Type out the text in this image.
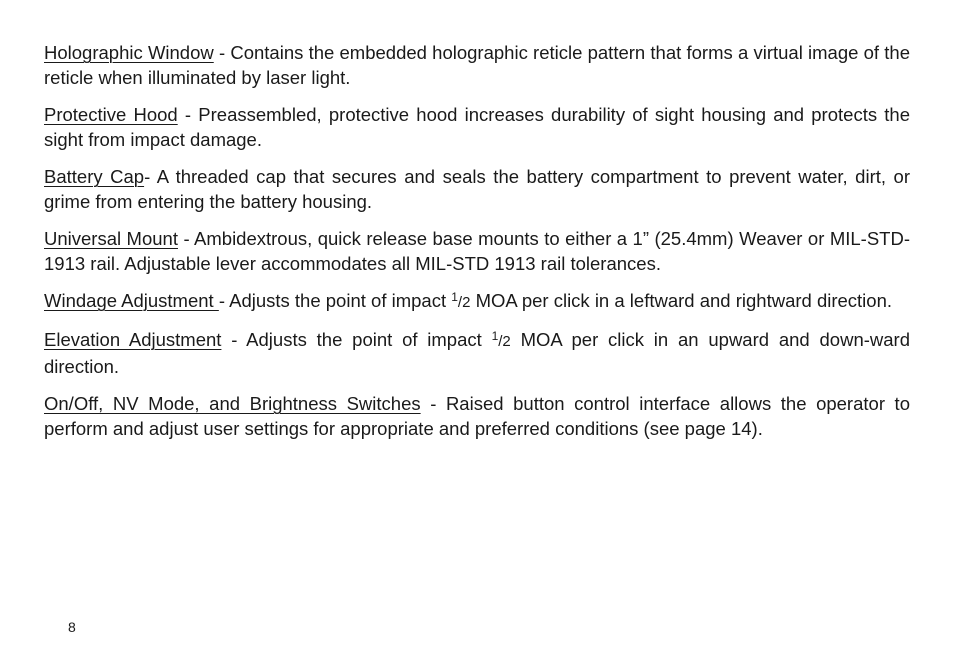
Holographic Window - Contains the embedded holographic reticle pattern that forms a virtual image of the reticle when illuminated by laser light.

Protective Hood - Preassembled, protective hood increases durability of sight housing and protects the sight from impact damage.

Battery Cap- A threaded cap that secures and seals the battery compartment to prevent water, dirt, or grime from entering the battery housing.

Universal Mount - Ambidextrous, quick release base mounts to either a 1” (25.4mm) Weaver or MIL-STD-1913 rail. Adjustable lever accommodates all MIL-STD 1913 rail tolerances.

Windage Adjustment - Adjusts the point of impact $^1$/2 MOA per click in a leftward and rightward direction.

Elevation Adjustment - Adjusts the point of impact $^1$/2 MOA per click in an upward and down-ward direction.

On/Off, NV Mode, and Brightness Switches - Raised button control interface allows the operator to perform and adjust user settings for appropriate and preferred conditions (see page 14).

8
